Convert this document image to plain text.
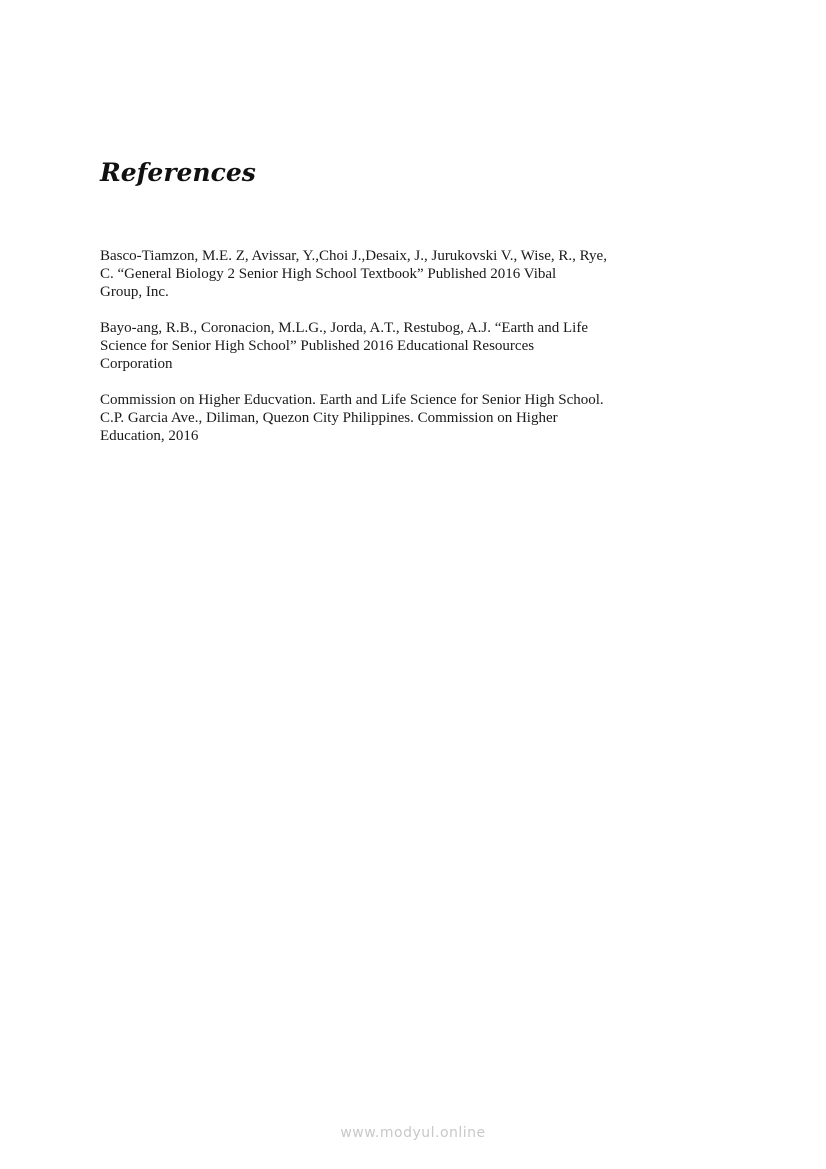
References
Basco-Tiamzon, M.E. Z, Avissar, Y.,Choi J.,Desaix, J., Jurukovski V., Wise, R., Rye,
C. “General Biology 2 Senior High School Textbook” Published 2016 Vibal
Group, Inc.
Bayo-ang, R.B., Coronacion, M.L.G., Jorda, A.T., Restubog, A.J. “Earth and Life
Science for Senior High School” Published 2016 Educational Resources
Corporation
Commission on Higher Educvation. Earth and Life Science for Senior High School.
C.P. Garcia Ave., Diliman, Quezon City Philippines. Commission on Higher
Education, 2016
www.modyul.online
